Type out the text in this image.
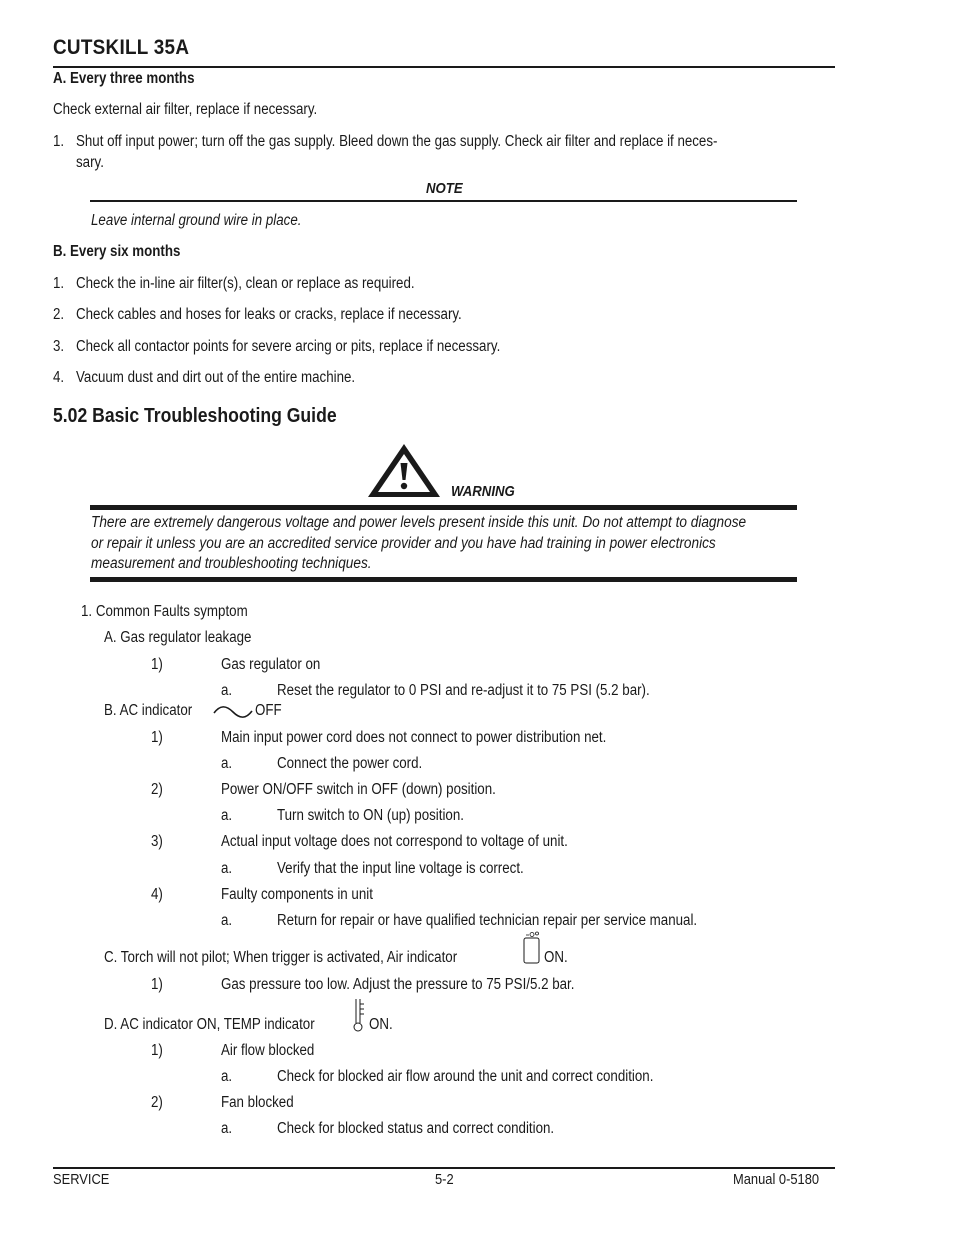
CUTSKILL 35A
A. Every three months
Check external air filter, replace if necessary.
1. Shut off input power; turn off the gas supply. Bleed down the gas supply. Check air filter and replace if neces-
sary.
NOTE
Leave internal ground wire in place.
B. Every six months
1. Check the in-line air filter(s), clean or replace as required.
2. Check cables and hoses for leaks or cracks, replace if necessary.
3. Check all contactor points for severe arcing or pits, replace if necessary.
4. Vacuum dust and dirt out of the entire machine.
5.02 Basic Troubleshooting Guide
WARNING
There are extremely dangerous voltage and power levels present inside this unit. Do not attempt to diagnose
or repair it unless you are an accredited service provider and you have had training in power electronics
measurement and troubleshooting techniques.
1. Common Faults symptom
A. Gas regulator leakage
1)	Gas regulator on
a.	Reset the regulator to 0 PSI and re-adjust it to 75 PSI (5.2 bar).
B. AC indicator	OFF
1)	Main input power cord does not connect to power distribution net.
a.	Connect the power cord.
2)	Power ON/OFF switch in OFF (down) position.
a.	Turn switch to ON (up) position.
3)	Actual input voltage does not correspond to voltage of unit.
a.	Verify that the input line voltage is correct.
4)	Faulty components in unit
a.	Return for repair or have qualified technician repair per service manual.
C. Torch will not pilot; When trigger is activated, Air indicator	ON.
1)	Gas pressure too low. Adjust the pressure to 75 PSI/5.2 bar.
D. AC indicator ON, TEMP indicator	ON.
1)	Air flow blocked
a.	Check for blocked air flow around the unit and correct condition.
2)	Fan blocked
a.	Check for blocked status and correct condition.
SERVICE	5-2	Manual 0-5180
